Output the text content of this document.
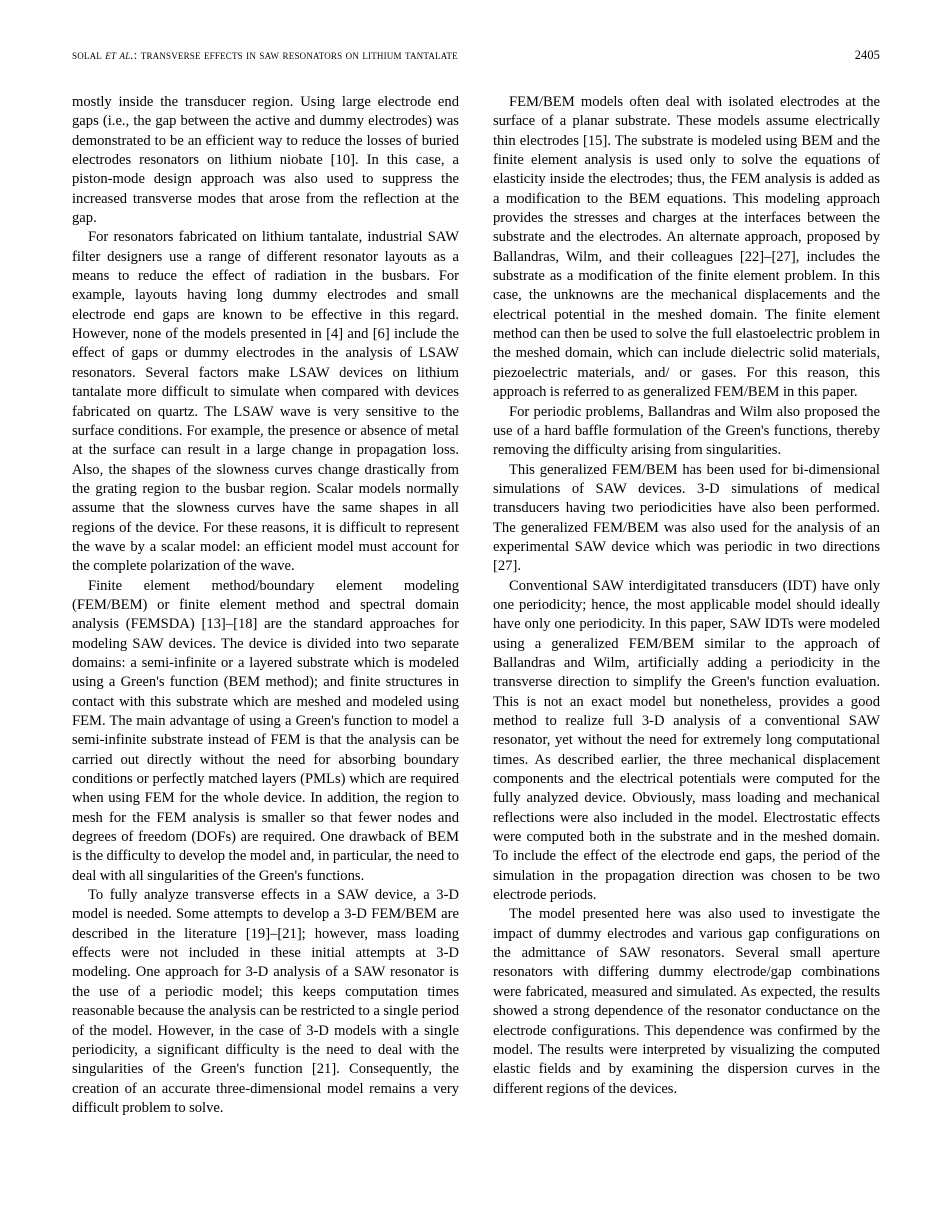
solal et al.: transverse effects in saw resonators on lithium tantalate	2405

mostly inside the transducer region. Using large electrode end gaps (i.e., the gap between the active and dummy electrodes) was demonstrated to be an efficient way to reduce the losses of buried electrodes resonators on lithium niobate [10]. In this case, a piston-mode design approach was also used to suppress the increased transverse modes that arose from the reflection at the gap.

For resonators fabricated on lithium tantalate, industrial SAW filter designers use a range of different resonator layouts as a means to reduce the effect of radiation in the busbars. For example, layouts having long dummy electrodes and small electrode end gaps are known to be effective in this regard. However, none of the models presented in [4] and [6] include the effect of gaps or dummy electrodes in the analysis of LSAW resonators. Several factors make LSAW devices on lithium tantalate more difficult to simulate when compared with devices fabricated on quartz. The LSAW wave is very sensitive to the surface conditions. For example, the presence or absence of metal at the surface can result in a large change in propagation loss. Also, the shapes of the slowness curves change drastically from the grating region to the busbar region. Scalar models normally assume that the slowness curves have the same shapes in all regions of the device. For these reasons, it is difficult to represent the wave by a scalar model: an efficient model must account for the complete polarization of the wave.

Finite element method/boundary element modeling (FEM/BEM) or finite element method and spectral domain analysis (FEMSDA) [13]–[18] are the standard approaches for modeling SAW devices. The device is divided into two separate domains: a semi-infinite or a layered substrate which is modeled using a Green's function (BEM method); and finite structures in contact with this substrate which are meshed and modeled using FEM. The main advantage of using a Green's function to model a semi-infinite substrate instead of FEM is that the analysis can be carried out directly without the need for absorbing boundary conditions or perfectly matched layers (PMLs) which are required when using FEM for the whole device. In addition, the region to mesh for the FEM analysis is smaller so that fewer nodes and degrees of freedom (DOFs) are required. One drawback of BEM is the difficulty to develop the model and, in particular, the need to deal with all singularities of the Green's functions.

To fully analyze transverse effects in a SAW device, a 3-D model is needed. Some attempts to develop a 3-D FEM/BEM are described in the literature [19]–[21]; however, mass loading effects were not included in these initial attempts at 3-D modeling. One approach for 3-D analysis of a SAW resonator is the use of a periodic model; this keeps computation times reasonable because the analysis can be restricted to a single period of the model. However, in the case of 3-D models with a single periodicity, a significant difficulty is the need to deal with the singularities of the Green's function [21]. Consequently, the creation of an accurate three-dimensional model remains a very difficult problem to solve.

FEM/BEM models often deal with isolated electrodes at the surface of a planar substrate. These models assume electrically thin electrodes [15]. The substrate is modeled using BEM and the finite element analysis is used only to solve the equations of elasticity inside the electrodes; thus, the FEM analysis is added as a modification to the BEM equations. This modeling approach provides the stresses and charges at the interfaces between the substrate and the electrodes. An alternate approach, proposed by Ballandras, Wilm, and their colleagues [22]–[27], includes the substrate as a modification of the finite element problem. In this case, the unknowns are the mechanical displacements and the electrical potential in the meshed domain. The finite element method can then be used to solve the full elastoelectric problem in the meshed domain, which can include dielectric solid materials, piezoelectric materials, and/ or gases. For this reason, this approach is referred to as generalized FEM/BEM in this paper.

For periodic problems, Ballandras and Wilm also proposed the use of a hard baffle formulation of the Green's functions, thereby removing the difficulty arising from singularities.

This generalized FEM/BEM has been used for bi-dimensional simulations of SAW devices. 3-D simulations of medical transducers having two periodicities have also been performed. The generalized FEM/BEM was also used for the analysis of an experimental SAW device which was periodic in two directions [27].

Conventional SAW interdigitated transducers (IDT) have only one periodicity; hence, the most applicable model should ideally have only one periodicity. In this paper, SAW IDTs were modeled using a generalized FEM/BEM similar to the approach of Ballandras and Wilm, artificially adding a periodicity in the transverse direction to simplify the Green's function evaluation. This is not an exact model but nonetheless, provides a good method to realize full 3-D analysis of a conventional SAW resonator, yet without the need for extremely long computational times. As described earlier, the three mechanical displacement components and the electrical potentials were computed for the fully analyzed device. Obviously, mass loading and mechanical reflections were also included in the model. Electrostatic effects were computed both in the substrate and in the meshed domain. To include the effect of the electrode end gaps, the period of the simulation in the propagation direction was chosen to be two electrode periods.

The model presented here was also used to investigate the impact of dummy electrodes and various gap configurations on the admittance of SAW resonators. Several small aperture resonators with differing dummy electrode/gap combinations were fabricated, measured and simulated. As expected, the results showed a strong dependence of the resonator conductance on the electrode configurations. This dependence was confirmed by the model. The results were interpreted by visualizing the computed elastic fields and by examining the dispersion curves in the different regions of the devices.
